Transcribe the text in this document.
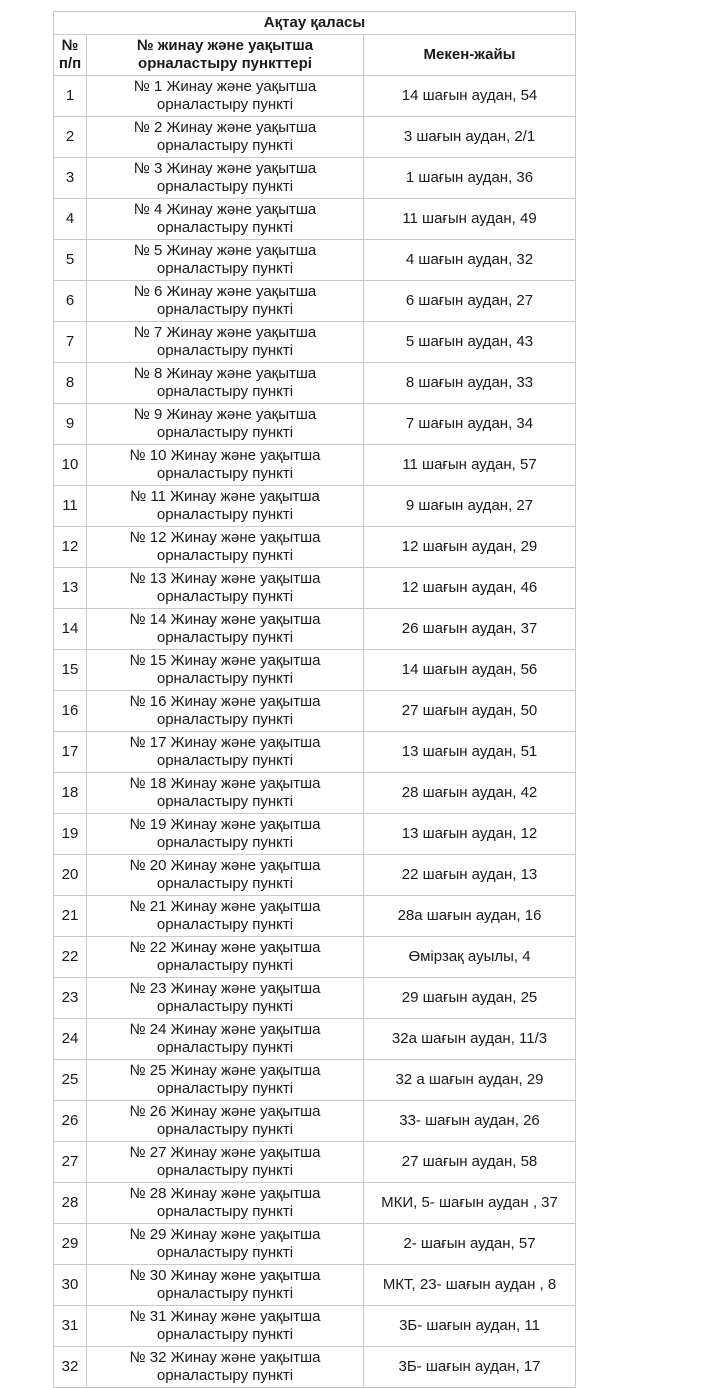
Ақтау қаласы		
№ п/п	№ жинау және уақытша орналастыру пункттері	Мекен-жайы
1	№ 1 Жинау және уақытша орналастыру пункті	14 шағын аудан, 54
2	№ 2 Жинау және уақытша орналастыру пункті	3 шағын аудан, 2/1
3	№ 3 Жинау және уақытша орналастыру пункті	1 шағын аудан, 36
4	№ 4 Жинау және уақытша орналастыру пункті	11 шағын аудан, 49
5	№ 5 Жинау және уақытша орналастыру пункті	4 шағын аудан, 32
6	№ 6 Жинау және уақытша орналастыру пункті	6 шағын аудан, 27
7	№ 7 Жинау және уақытша орналастыру пункті	5 шағын аудан, 43
8	№ 8 Жинау және уақытша орналастыру пункті	8 шағын аудан, 33
9	№ 9 Жинау және уақытша орналастыру пункті	7 шағын аудан, 34
10	№ 10 Жинау және уақытша орналастыру пункті	11 шағын аудан, 57
11	№ 11 Жинау және уақытша орналастыру пункті	9 шағын аудан, 27
12	№ 12 Жинау және уақытша орналастыру пункті	12 шағын аудан, 29
13	№ 13 Жинау және уақытша орналастыру пункті	12 шағын аудан, 46
14	№ 14 Жинау және уақытша орналастыру пункті	26 шағын аудан, 37
15	№ 15 Жинау және уақытша орналастыру пункті	14 шағын аудан, 56
16	№ 16 Жинау және уақытша орналастыру пункті	27 шағын аудан, 50
17	№ 17 Жинау және уақытша орналастыру пункті	13 шағын аудан, 51
18	№ 18 Жинау және уақытша орналастыру пункті	28 шағын аудан, 42
19	№ 19 Жинау және уақытша орналастыру пункті	13 шағын аудан, 12
20	№ 20 Жинау және уақытша орналастыру пункті	22 шағын аудан, 13
21	№ 21 Жинау және уақытша орналастыру пункті	28а шағын аудан, 16
22	№ 22 Жинау және уақытша орналастыру пункті	Өмірзақ ауылы, 4
23	№ 23 Жинау және уақытша орналастыру пункті	29 шағын аудан, 25
24	№ 24 Жинау және уақытша орналастыру пункті	32а шағын аудан, 11/3
25	№ 25 Жинау және уақытша орналастыру пункті	32 а шағын аудан, 29
26	№ 26 Жинау және уақытша орналастыру пункті	33- шағын аудан, 26
27	№ 27 Жинау және уақытша орналастыру пункті	27 шағын аудан, 58
28	№ 28 Жинау және уақытша орналастыру пункті	МКИ, 5- шағын аудан , 37
29	№ 29 Жинау және уақытша орналастыру пункті	2- шағын аудан, 57
30	№ 30 Жинау және уақытша орналастыру пункті	МКТ, 23- шағын аудан , 8
31	№ 31 Жинау және уақытша орналастыру пункті	3Б- шағын аудан, 11
32	№ 32 Жинау және уақытша орналастыру пункті	3Б- шағын аудан, 17
